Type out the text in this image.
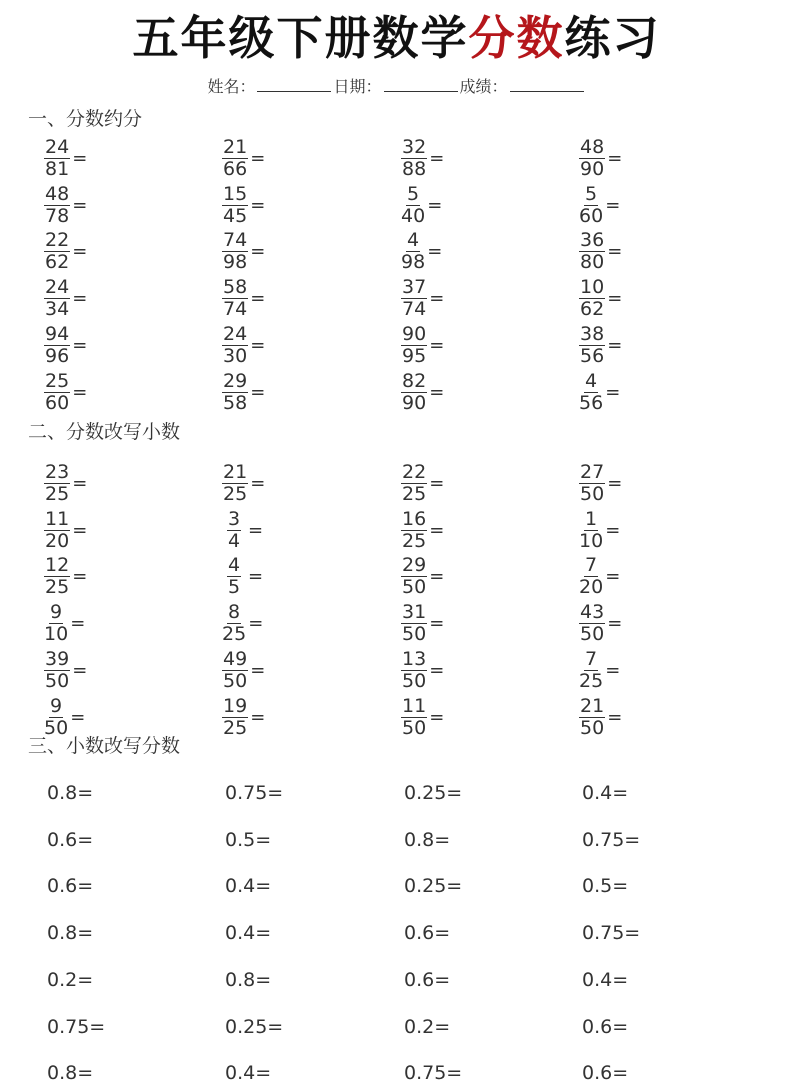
五年级下册数学分数练习
姓名：	日期：	成绩：
一、分数约分
二、分数改写小数
三、小数改写分数
$\frac{24}{81}$ =	$\frac{21}{66}$ =	$\frac{32}{88}$ =	$\frac{48}{90}$ =
$\frac{48}{78}$ =	$\frac{15}{45}$ =	$\frac{5}{40}$ =	$\frac{5}{60}$ =
$\frac{22}{62}$ =	$\frac{74}{98}$ =	$\frac{4}{98}$ =	$\frac{36}{80}$ =
$\frac{24}{34}$ =	$\frac{58}{74}$ =	$\frac{37}{74}$ =	$\frac{10}{62}$ =
$\frac{94}{96}$ =	$\frac{24}{30}$ =	$\frac{90}{95}$ =	$\frac{38}{56}$ =
$\frac{25}{60}$ =	$\frac{29}{58}$ =	$\frac{82}{90}$ =	$\frac{4}{56}$ =
$\frac{23}{25}$ =	$\frac{21}{25}$ =	$\frac{22}{25}$ =	$\frac{27}{50}$ =
$\frac{11}{20}$ =	$\frac{3}{4}$ =	$\frac{16}{25}$ =	$\frac{1}{10}$ =
$\frac{12}{25}$ =	$\frac{4}{5}$ =	$\frac{29}{50}$ =	$\frac{7}{20}$ =
$\frac{9}{10}$ =	$\frac{8}{25}$ =	$\frac{31}{50}$ =	$\frac{43}{50}$ =
$\frac{39}{50}$ =	$\frac{49}{50}$ =	$\frac{13}{50}$ =	$\frac{7}{25}$ =
$\frac{9}{50}$ =	$\frac{19}{25}$ =	$\frac{11}{50}$ =	$\frac{21}{50}$ =
0.8=	0.75=	0.25=	0.4=
0.6=	0.5=	0.8=	0.75=
0.6=	0.4=	0.25=	0.5=
0.8=	0.4=	0.6=	0.75=
0.2=	0.8=	0.6=	0.4=
0.75=	0.25=	0.2=	0.6=
0.8=	0.4=	0.75=	0.6=
